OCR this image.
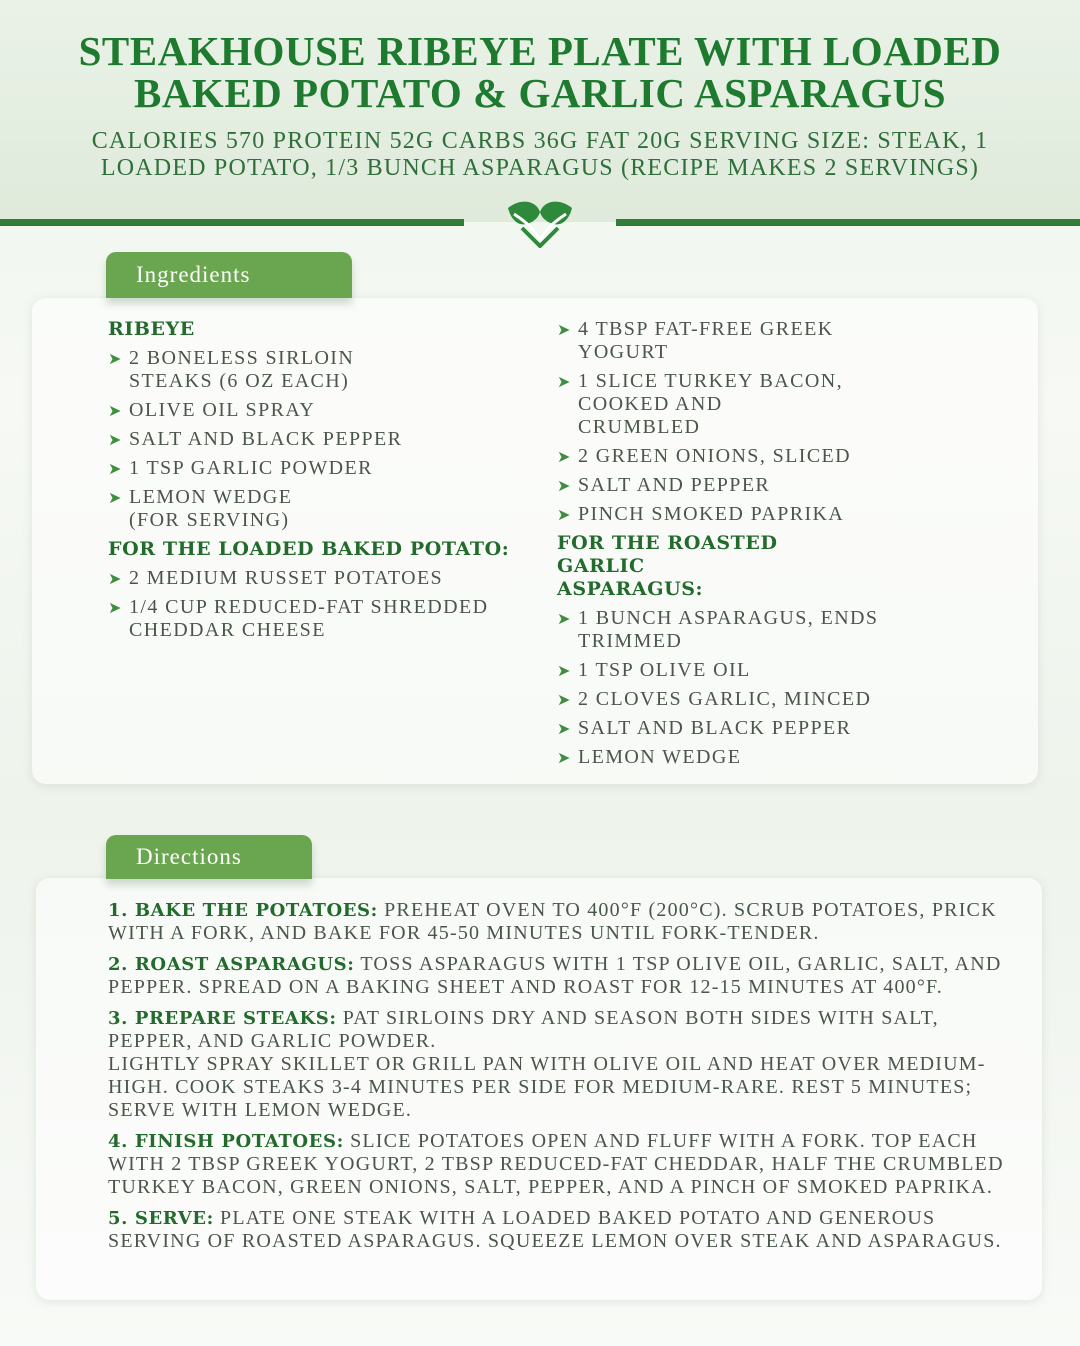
STEAKHOUSE RIBEYE PLATE WITH LOADED BAKED POTATO & GARLIC ASPARAGUS

CALORIES 570 PROTEIN 52G CARBS 36G FAT 20G SERVING SIZE: STEAK, 1 LOADED POTATO, 1/3 BUNCH ASPARAGUS (RECIPE MAKES 2 SERVINGS)

Ingredients
RIBEYE
➤ 2 BONELESS SIRLOIN STEAKS (6 OZ EACH)
➤ OLIVE OIL SPRAY
➤ SALT AND BLACK PEPPER
➤ 1 TSP GARLIC POWDER
➤ LEMON WEDGE (FOR SERVING)
FOR THE LOADED BAKED POTATO:
➤ 2 MEDIUM RUSSET POTATOES
➤ 1/4 CUP REDUCED-FAT SHREDDED CHEDDAR CHEESE
➤ 4 TBSP FAT-FREE GREEK YOGURT
➤ 1 SLICE TURKEY BACON, COOKED AND CRUMBLED
➤ 2 GREEN ONIONS, SLICED
➤ SALT AND PEPPER
➤ PINCH SMOKED PAPRIKA
FOR THE ROASTED GARLIC ASPARAGUS:
➤ 1 BUNCH ASPARAGUS, ENDS TRIMMED
➤ 1 TSP OLIVE OIL
➤ 2 CLOVES GARLIC, MINCED
➤ SALT AND BLACK PEPPER
➤ LEMON WEDGE
Directions

1. BAKE THE POTATOES: PREHEAT OVEN TO 400°F (200°C). SCRUB POTATOES, PRICK WITH A FORK, AND BAKE FOR 45-50 MINUTES UNTIL FORK-TENDER.

2. ROAST ASPARAGUS: TOSS ASPARAGUS WITH 1 TSP OLIVE OIL, GARLIC, SALT, AND PEPPER. SPREAD ON A BAKING SHEET AND ROAST FOR 12-15 MINUTES AT 400°F.

3. PREPARE STEAKS: PAT SIRLOINS DRY AND SEASON BOTH SIDES WITH SALT, PEPPER, AND GARLIC POWDER.
LIGHTLY SPRAY SKILLET OR GRILL PAN WITH OLIVE OIL AND HEAT OVER MEDIUM-HIGH. COOK STEAKS 3-4 MINUTES PER SIDE FOR MEDIUM-RARE. REST 5 MINUTES; SERVE WITH LEMON WEDGE.

4. FINISH POTATOES: SLICE POTATOES OPEN AND FLUFF WITH A FORK. TOP EACH WITH 2 TBSP GREEK YOGURT, 2 TBSP REDUCED-FAT CHEDDAR, HALF THE CRUMBLED TURKEY BACON, GREEN ONIONS, SALT, PEPPER, AND A PINCH OF SMOKED PAPRIKA.

5. SERVE: PLATE ONE STEAK WITH A LOADED BAKED POTATO AND GENEROUS SERVING OF ROASTED ASPARAGUS. SQUEEZE LEMON OVER STEAK AND ASPARAGUS.
